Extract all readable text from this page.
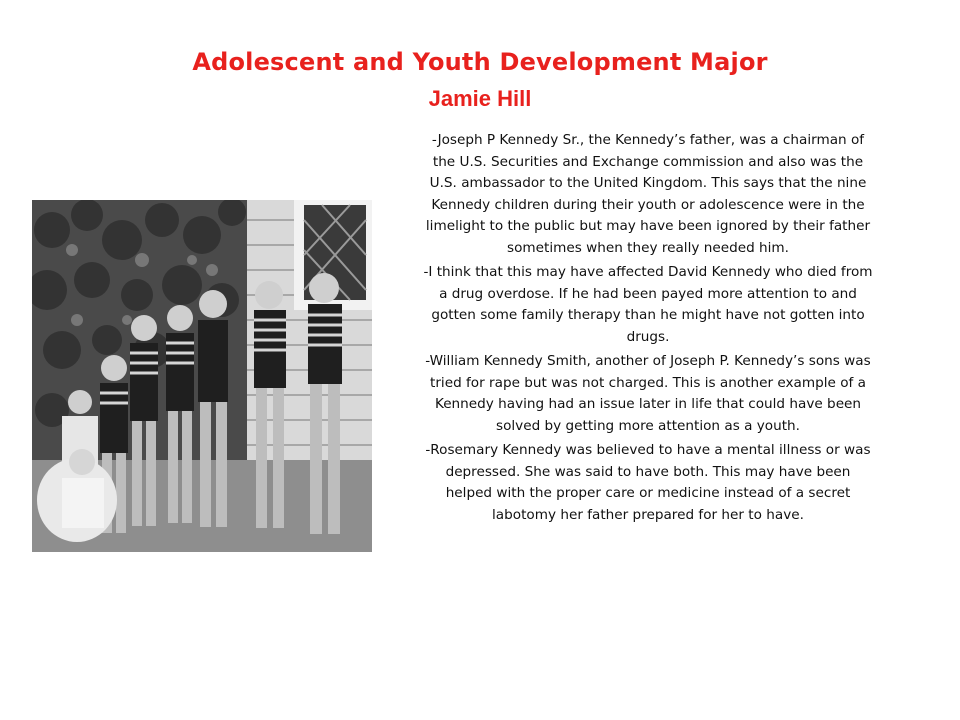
Adolescent and Youth Development Major
Jamie Hill

-Joseph P Kennedy Sr., the Kennedy’s father, was a chairman of the U.S. Securities and Exchange commission and also was the U.S. ambassador to the United Kingdom. This says that the nine Kennedy children during their youth or adolescence were in the limelight to the public but may have been ignored by their father sometimes when they really needed him.

-I think that this may have affected David Kennedy who died from a drug overdose. If he had been payed more attention to and gotten some family therapy than he might have not gotten into drugs.

-William Kennedy Smith, another of Joseph P. Kennedy’s sons was tried for rape but was not charged. This is another example of a Kennedy having had an issue later in life that could have been solved by getting more attention as a youth.

-Rosemary Kennedy was believed to have a mental illness or was depressed. She was said to have both. This may have been helped with the proper care or medicine instead of a secret labotomy her father prepared for her to have.
